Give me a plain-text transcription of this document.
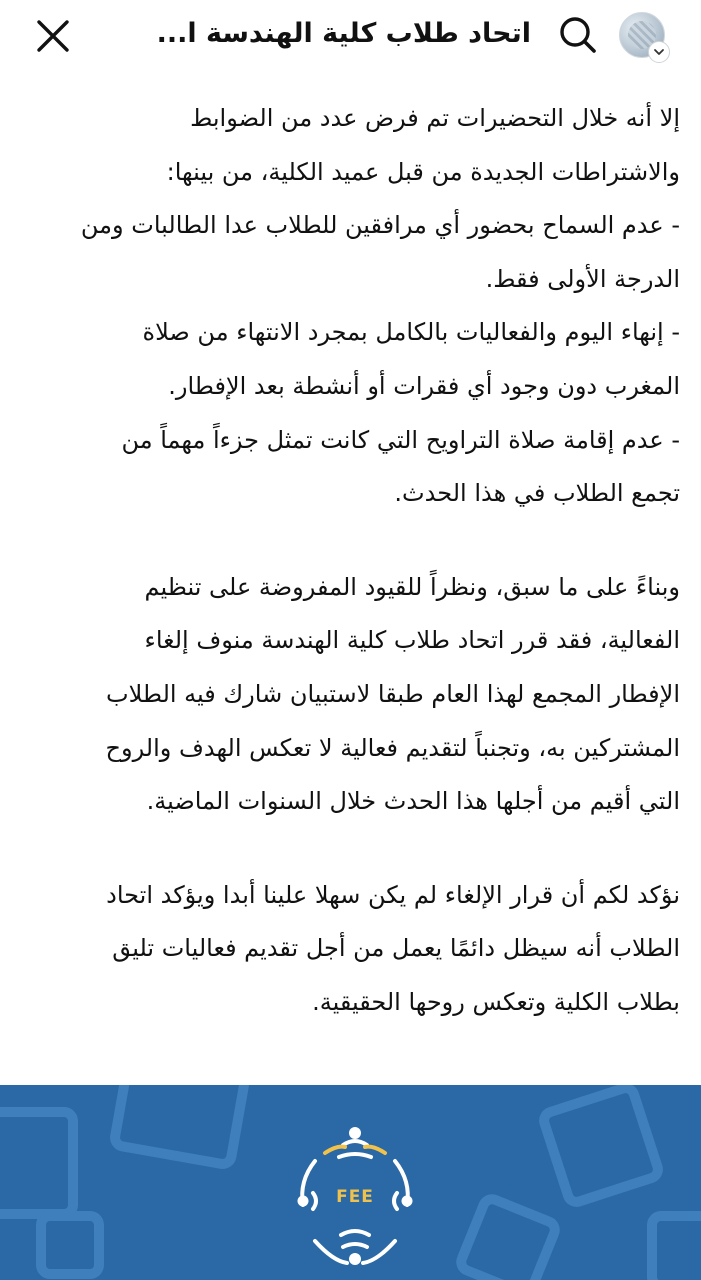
اتحاد طلاب كلية الهندسة ا...

إلا أنه خلال التحضيرات تم فرض عدد من الضوابط
والاشتراطات الجديدة من قبل عميد الكلية، من بينها:
- عدم السماح بحضور أي مرافقين للطلاب عدا الطالبات ومن
الدرجة الأولى فقط.
- إنهاء اليوم والفعاليات بالكامل بمجرد الانتهاء من صلاة
المغرب دون وجود أي فقرات أو أنشطة بعد الإفطار.
- عدم إقامة صلاة التراويح التي كانت تمثل جزءاً مهماً من
تجمع الطلاب في هذا الحدث.

وبناءً على ما سبق، ونظراً للقيود المفروضة على تنظيم
الفعالية، فقد قرر اتحاد طلاب كلية الهندسة منوف إلغاء
الإفطار المجمع لهذا العام طبقا لاستبيان شارك فيه الطلاب
المشتركين به، وتجنباً لتقديم فعالية لا تعكس الهدف والروح
التي أقيم من أجلها هذا الحدث خلال السنوات الماضية.

نؤكد لكم أن قرار الإلغاء لم يكن سهلا علينا أبدا ويؤكد اتحاد
الطلاب أنه سيظل دائمًا يعمل من أجل تقديم فعاليات تليق
بطلاب الكلية وتعكس روحها الحقيقية.

FEE
